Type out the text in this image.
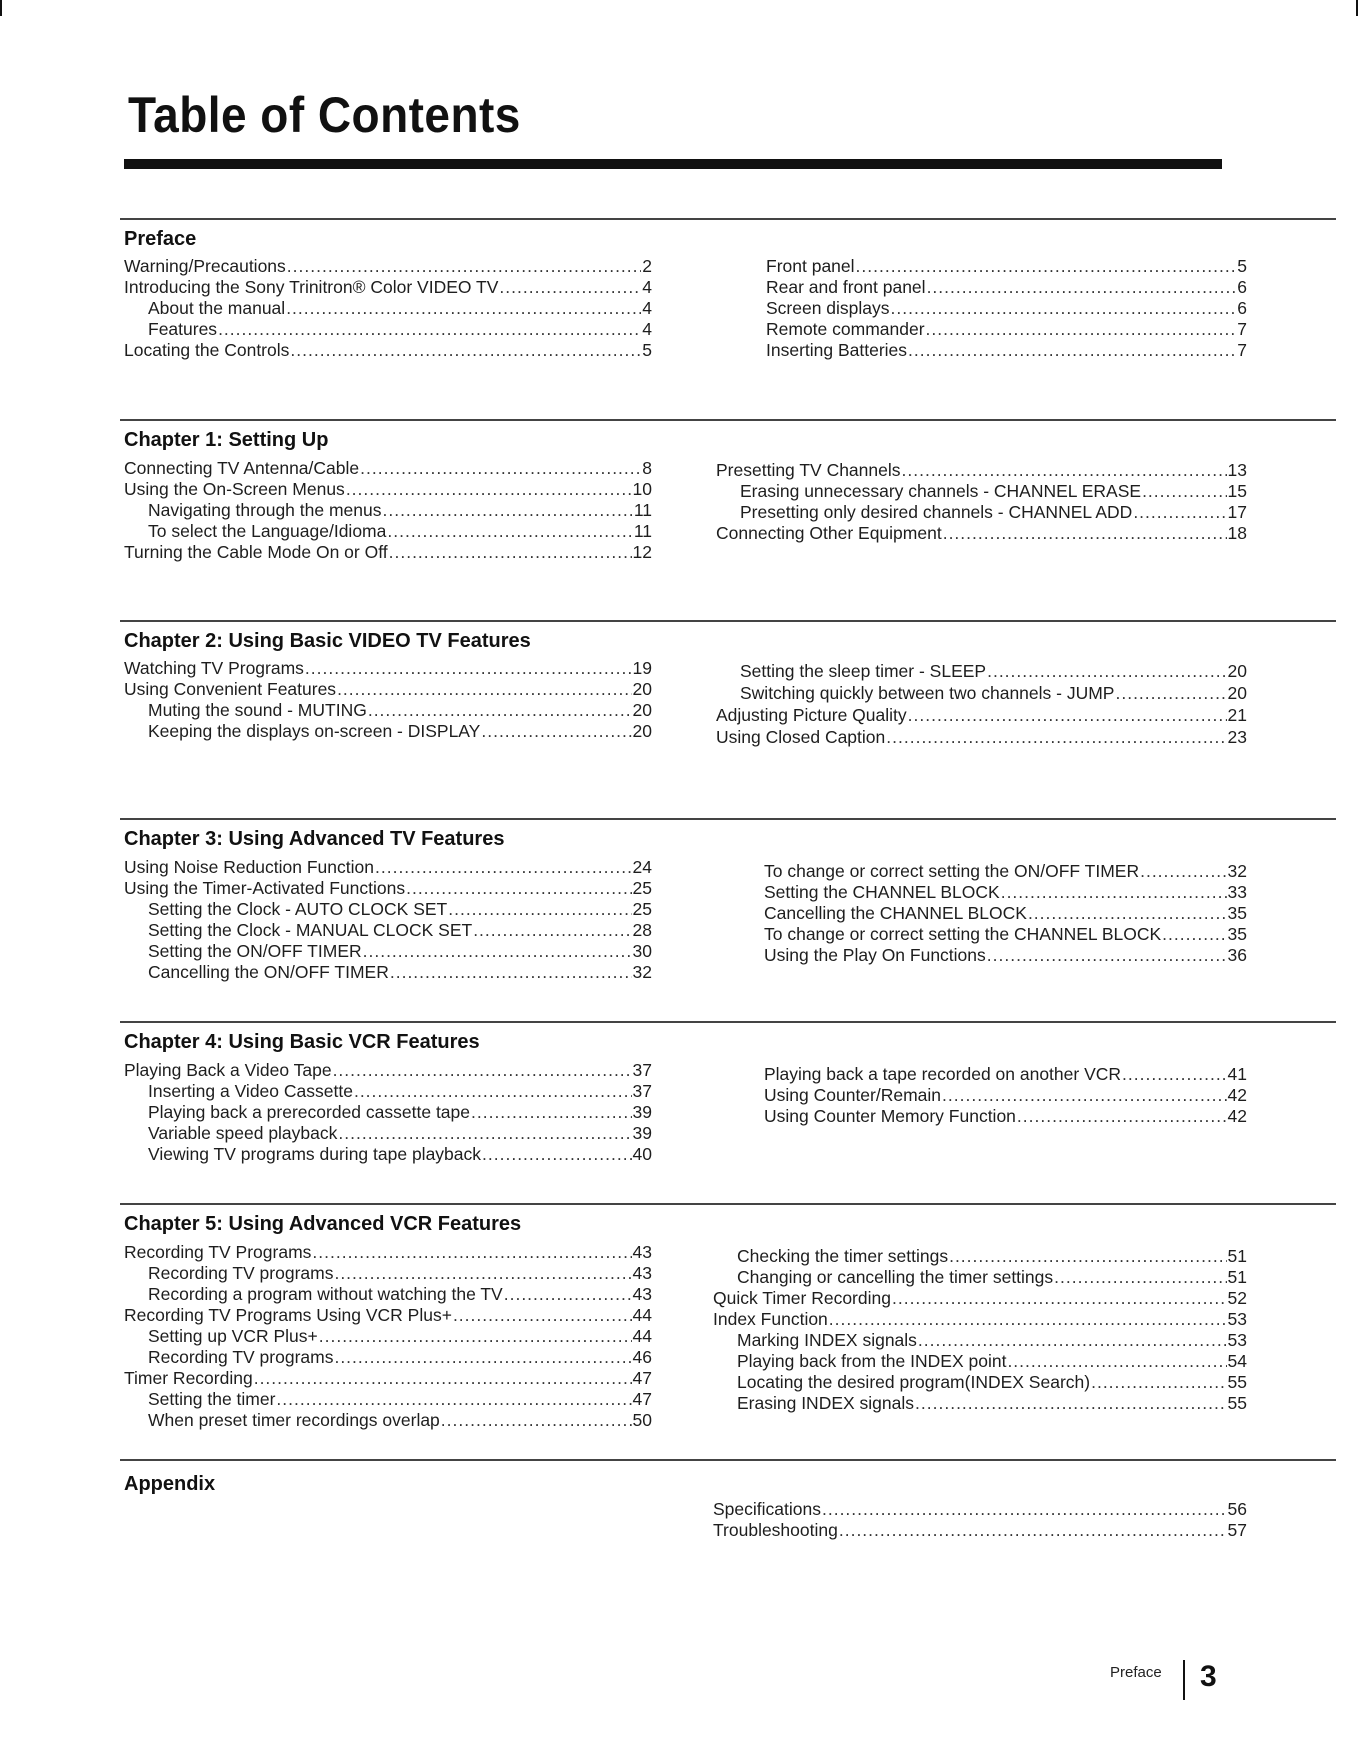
Table of Contents
Preface
Chapter 1: Setting Up
Chapter 2: Using Basic VIDEO TV Features
Chapter 3: Using Advanced TV Features
Chapter 4: Using Basic VCR Features
Chapter 5: Using Advanced VCR Features
Appendix
Preface 3
Warning/Precautions .....	2
Introducing the Sony Trinitron® Color VIDEO TV .....	4
About the manual .....	4
Features .....	4
Locating the Controls .....	5
Front panel .....	5
Rear and front panel .....	6
Screen displays .....	6
Remote commander .....	7
Inserting Batteries .....	7
Connecting TV Antenna/Cable .....	8
Using the On-Screen Menus .....	10
Navigating through the menus .....	11
To select the Language/Idioma .....	11
Turning the Cable Mode On or Off .....	12
Presetting TV Channels .....	13
Erasing unnecessary channels - CHANNEL ERASE .....	15
Presetting only desired channels - CHANNEL ADD .....	17
Connecting Other Equipment .....	18
Watching TV Programs .....	19
Using Convenient Features .....	20
Muting the sound - MUTING .....	20
Keeping the displays on-screen - DISPLAY .....	20
Setting the sleep timer - SLEEP .....	20
Switching quickly between two channels - JUMP .....	20
Adjusting Picture Quality .....	21
Using Closed Caption .....	23
Using Noise Reduction Function .....	24
Using the Timer-Activated Functions .....	25
Setting the Clock - AUTO CLOCK SET .....	25
Setting the Clock - MANUAL CLOCK SET .....	28
Setting the ON/OFF TIMER .....	30
Cancelling the ON/OFF TIMER .....	32
To change or correct setting the ON/OFF TIMER .....	32
Setting the CHANNEL BLOCK .....	33
Cancelling the CHANNEL BLOCK .....	35
To change or correct setting the CHANNEL BLOCK .....	35
Using the Play On Functions .....	36
Playing Back a Video Tape .....	37
Inserting a Video Cassette .....	37
Playing back a prerecorded cassette tape .....	39
Variable speed playback .....	39
Viewing TV programs during tape playback .....	40
Playing back a tape recorded on another VCR .....	41
Using Counter/Remain .....	42
Using Counter Memory Function .....	42
Recording TV Programs .....	43
Recording TV programs .....	43
Recording a program without watching the TV .....	43
Recording TV Programs Using VCR Plus+ .....	44
Setting up VCR Plus+ .....	44
Recording TV programs .....	46
Timer Recording .....	47
Setting the timer .....	47
When preset timer recordings overlap .....	50
Checking the timer settings .....	51
Changing or cancelling the timer settings .....	51
Quick Timer Recording .....	52
Index Function .....	53
Marking INDEX signals .....	53
Playing back from the INDEX point .....	54
Locating the desired program(INDEX Search) .....	55
Erasing INDEX signals .....	55
Specifications .....	56
Troubleshooting .....	57
